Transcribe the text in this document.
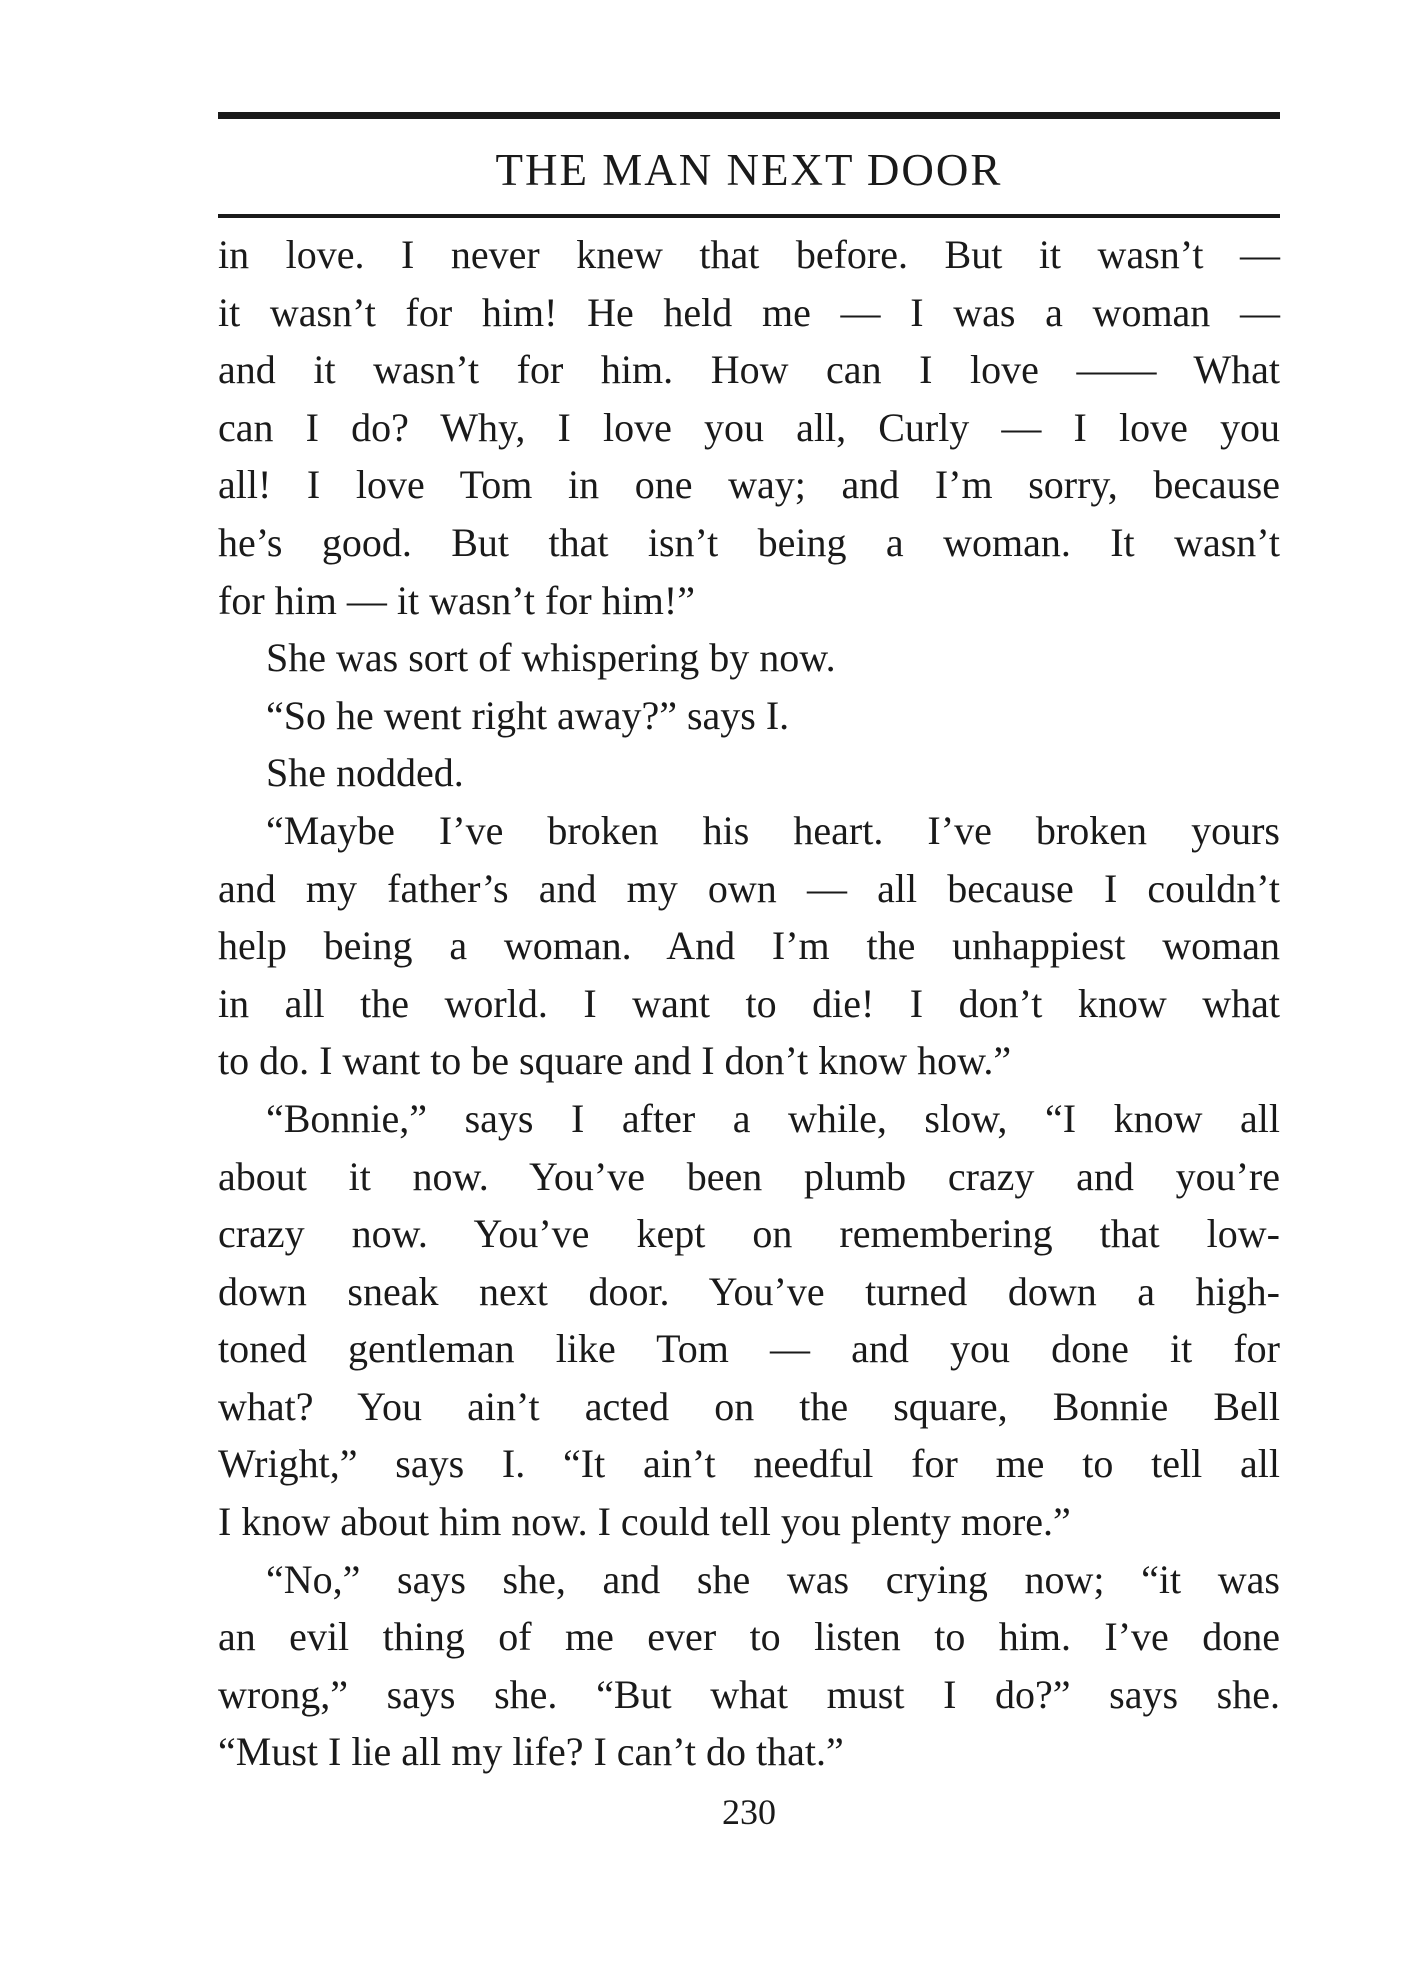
THE MAN NEXT DOOR
in love. I never knew that before. But it wasn’t —
it wasn’t for him! He held me — I was a woman —
and it wasn’t for him. How can I love —— What
can I do? Why, I love you all, Curly — I love you
all! I love Tom in one way; and I’m sorry, because
he’s good. But that isn’t being a woman. It wasn’t
for him — it wasn’t for him!”
She was sort of whispering by now.
“So he went right away?” says I.
She nodded.
“Maybe I’ve broken his heart. I’ve broken yours
and my father’s and my own — all because I couldn’t
help being a woman. And I’m the unhappiest woman
in all the world. I want to die! I don’t know what
to do. I want to be square and I don’t know how.”
“Bonnie,” says I after a while, slow, “I know all
about it now. You’ve been plumb crazy and you’re
crazy now. You’ve kept on remembering that low-
down sneak next door. You’ve turned down a high-
toned gentleman like Tom — and you done it for
what? You ain’t acted on the square, Bonnie Bell
Wright,” says I. “It ain’t needful for me to tell all
I know about him now. I could tell you plenty more.”
“No,” says she, and she was crying now; “it was
an evil thing of me ever to listen to him. I’ve done
wrong,” says she. “But what must I do?” says she.
“Must I lie all my life? I can’t do that.”
230
